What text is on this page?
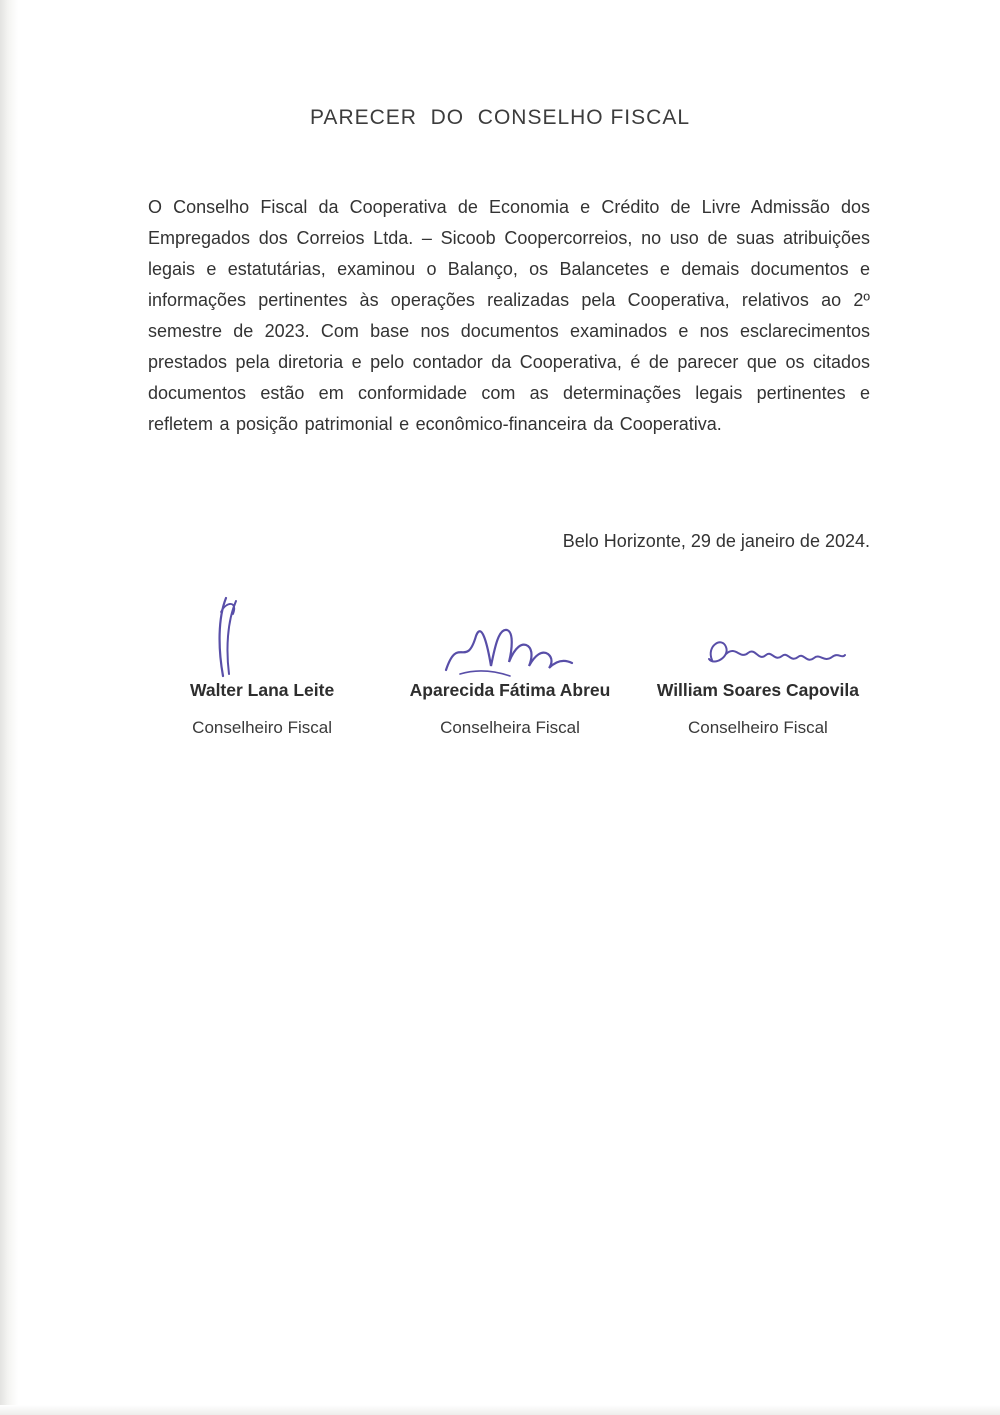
PARECER  DO  CONSELHO FISCAL
O Conselho Fiscal da Cooperativa de Economia e Crédito de Livre Admissão dos Empregados dos Correios Ltda. – Sicoob Coopercorreios, no uso de suas atribuições legais e estatutárias, examinou o Balanço, os Balancetes e demais documentos e informações pertinentes às operações realizadas pela Cooperativa, relativos ao 2º semestre de 2023. Com base nos documentos examinados e nos esclarecimentos prestados pela diretoria e pelo contador da Cooperativa, é de parecer que os citados documentos estão em conformidade com as determinações legais pertinentes e refletem a posição patrimonial e econômico-financeira da Cooperativa.
Belo Horizonte, 29 de janeiro de 2024.
Walter Lana Leite
Conselheiro Fiscal
Aparecida Fátima Abreu
Conselheira Fiscal
William Soares Capovila
Conselheiro Fiscal
